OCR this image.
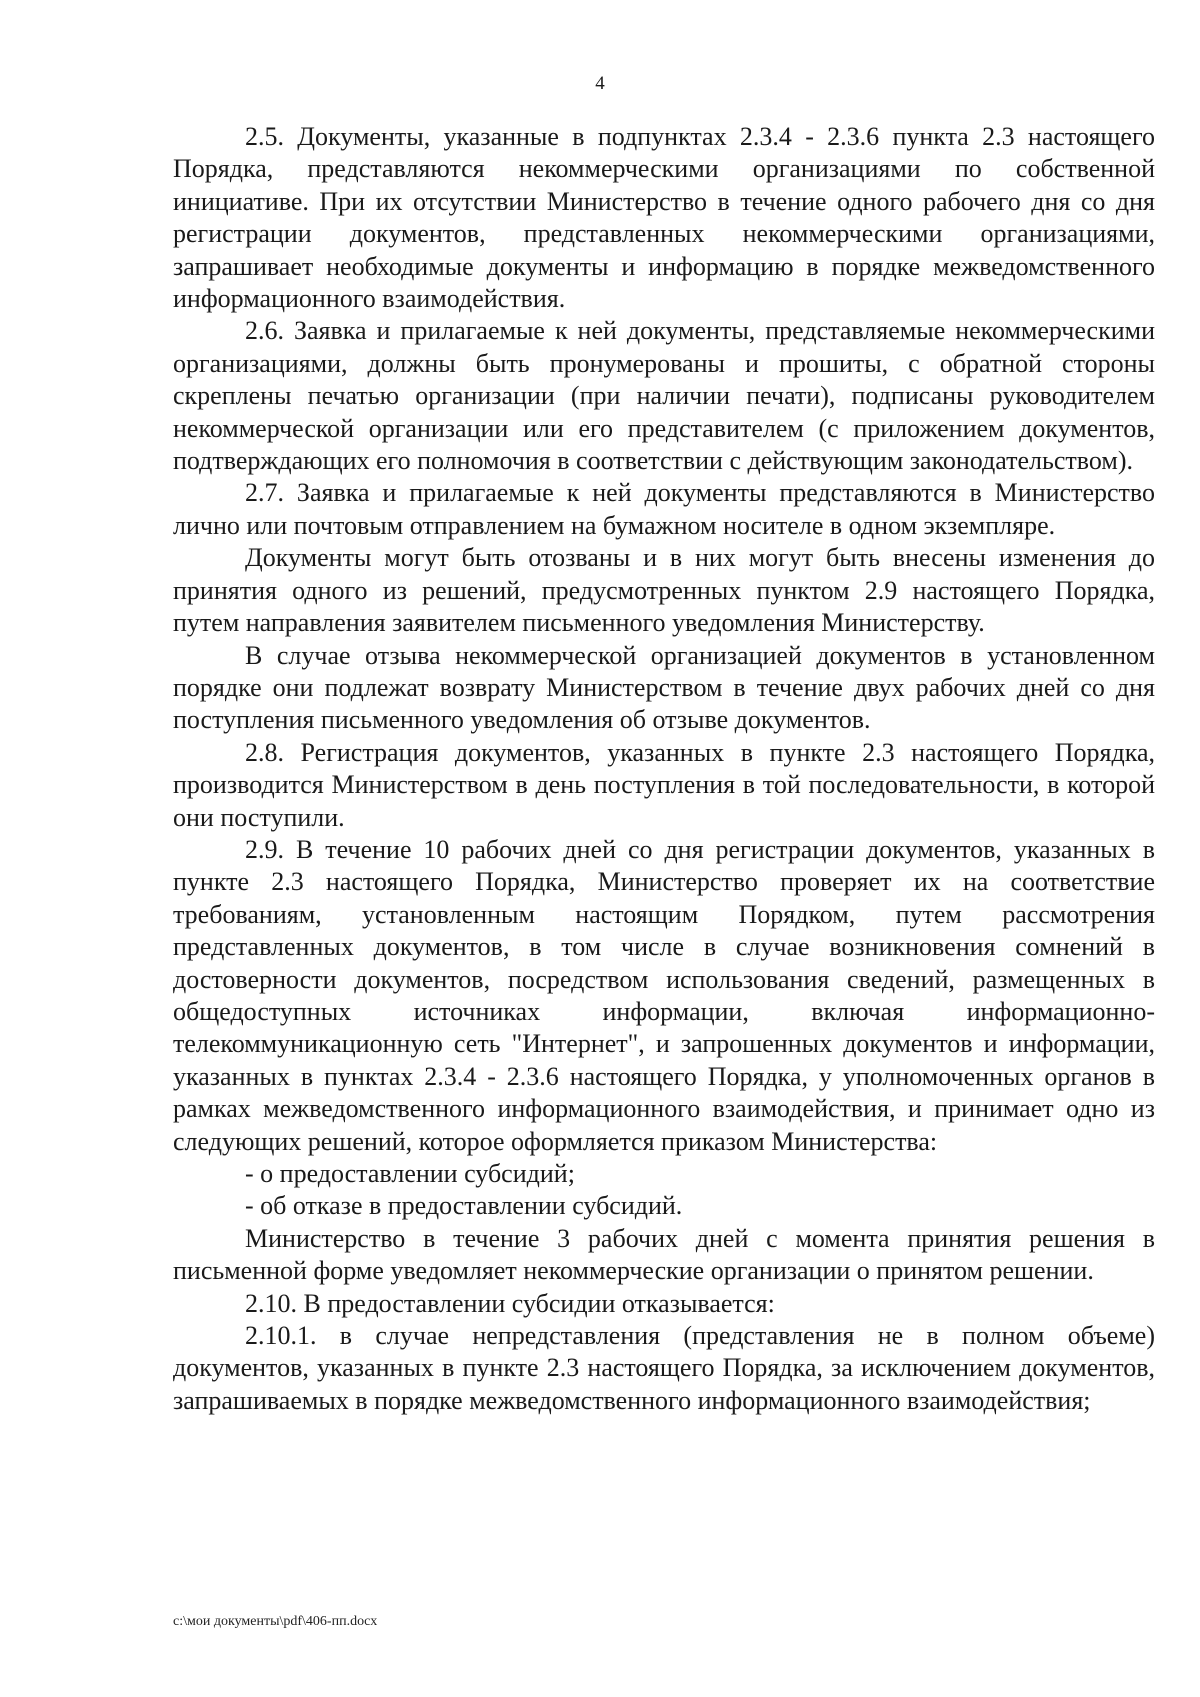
4

2.5. Документы, указанные в подпунктах 2.3.4 - 2.3.6 пункта 2.3 настоящего Порядка, представляются некоммерческими организациями по собственной инициативе. При их отсутствии Министерство в течение одного рабочего дня со дня регистрации документов, представленных некоммерческими организациями, запрашивает необходимые документы и информацию в порядке межведомственного информационного взаимодействия.

2.6. Заявка и прилагаемые к ней документы, представляемые некоммерческими организациями, должны быть пронумерованы и прошиты, с обратной стороны скреплены печатью организации (при наличии печати), подписаны руководителем некоммерческой организации или его представителем (с приложением документов, подтверждающих его полномочия в соответствии с действующим законодательством).

2.7. Заявка и прилагаемые к ней документы представляются в Министерство лично или почтовым отправлением на бумажном носителе в одном экземпляре.

Документы могут быть отозваны и в них могут быть внесены изменения до принятия одного из решений, предусмотренных пунктом 2.9 настоящего Порядка, путем направления заявителем письменного уведомления Министерству.

В случае отзыва некоммерческой организацией документов в установленном порядке они подлежат возврату Министерством в течение двух рабочих дней со дня поступления письменного уведомления об отзыве документов.

2.8. Регистрация документов, указанных в пункте 2.3 настоящего Порядка, производится Министерством в день поступления в той последовательности, в которой они поступили.

2.9. В течение 10 рабочих дней со дня регистрации документов, указанных в пункте 2.3 настоящего Порядка, Министерство проверяет их на соответствие требованиям, установленным настоящим Порядком, путем рассмотрения представленных документов, в том числе в случае возникновения сомнений в достоверности документов, посредством использования сведений, размещенных в общедоступных источниках информации, включая информационно-телекоммуникационную сеть "Интернет", и запрошенных документов и информации, указанных в пунктах 2.3.4 - 2.3.6 настоящего Порядка, у уполномоченных органов в рамках межведомственного информационного взаимодействия, и принимает одно из следующих решений, которое оформляется приказом Министерства:

- о предоставлении субсидий;

- об отказе в предоставлении субсидий.

Министерство в течение 3 рабочих дней с момента принятия решения в письменной форме уведомляет некоммерческие организации о принятом решении.

2.10. В предоставлении субсидии отказывается:

2.10.1. в случае непредставления (представления не в полном объеме) документов, указанных в пункте 2.3 настоящего Порядка, за исключением документов, запрашиваемых в порядке межведомственного информационного взаимодействия;

c:\мои документы\pdf\406-пп.docx
